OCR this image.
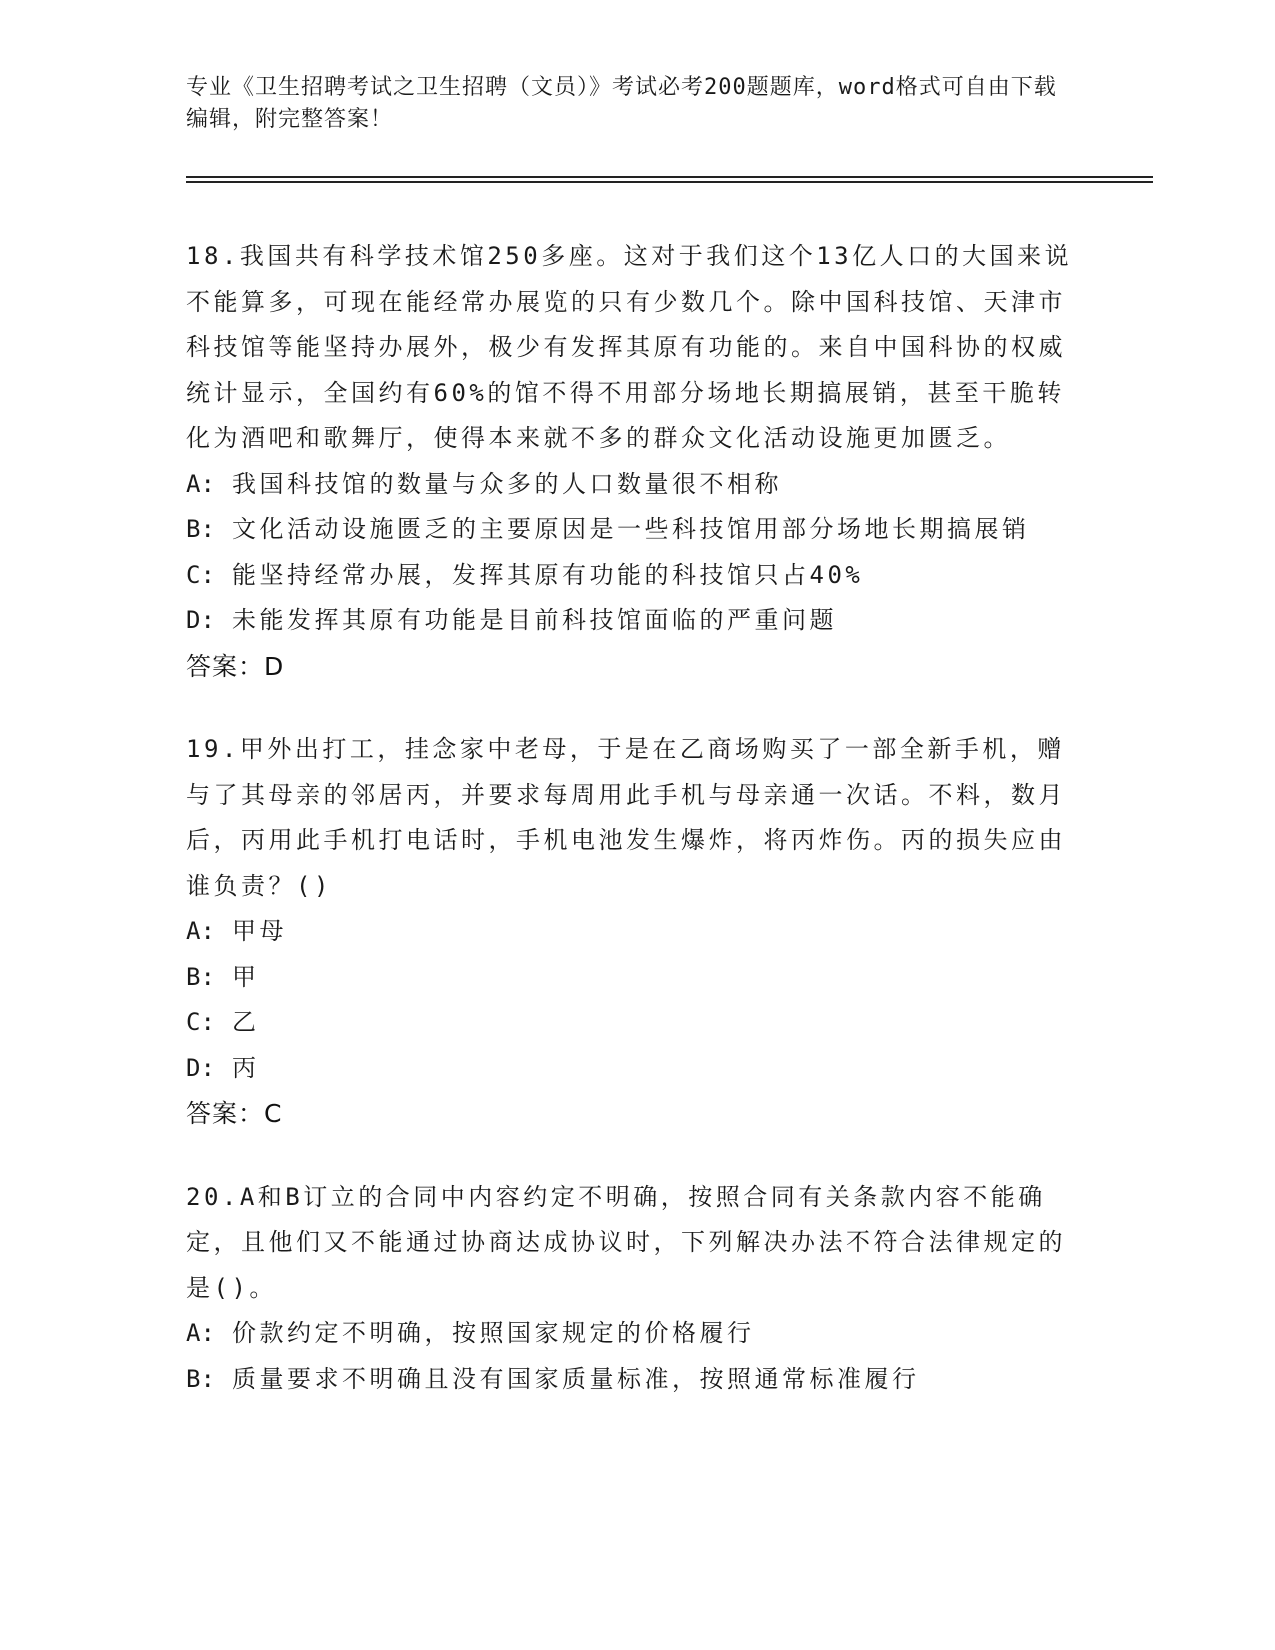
专业《卫生招聘考试之卫生招聘（文员）》考试必考200题题库，word格式可自由下载编辑，附完整答案！

18.我国共有科学技术馆250多座。这对于我们这个13亿人口的大国来说不能算多，可现在能经常办展览的只有少数几个。除中国科技馆、天津市科技馆等能坚持办展外，极少有发挥其原有功能的。来自中国科协的权威统计显示，全国约有60%的馆不得不用部分场地长期搞展销，甚至干脆转化为酒吧和歌舞厅，使得本来就不多的群众文化活动设施更加匮乏。

A: 我国科技馆的数量与众多的人口数量很不相称

B: 文化活动设施匮乏的主要原因是一些科技馆用部分场地长期搞展销

C: 能坚持经常办展，发挥其原有功能的科技馆只占40%

D: 未能发挥其原有功能是目前科技馆面临的严重问题

答案：D

19.甲外出打工，挂念家中老母，于是在乙商场购买了一部全新手机，赠与了其母亲的邻居丙，并要求每周用此手机与母亲通一次话。不料，数月后，丙用此手机打电话时，手机电池发生爆炸，将丙炸伤。丙的损失应由谁负责？()

A: 甲母

B: 甲

C: 乙

D: 丙

答案：C

20.A和B订立的合同中内容约定不明确，按照合同有关条款内容不能确定，且他们又不能通过协商达成协议时，下列解决办法不符合法律规定的是()。

A: 价款约定不明确，按照国家规定的价格履行

B: 质量要求不明确且没有国家质量标准，按照通常标准履行
